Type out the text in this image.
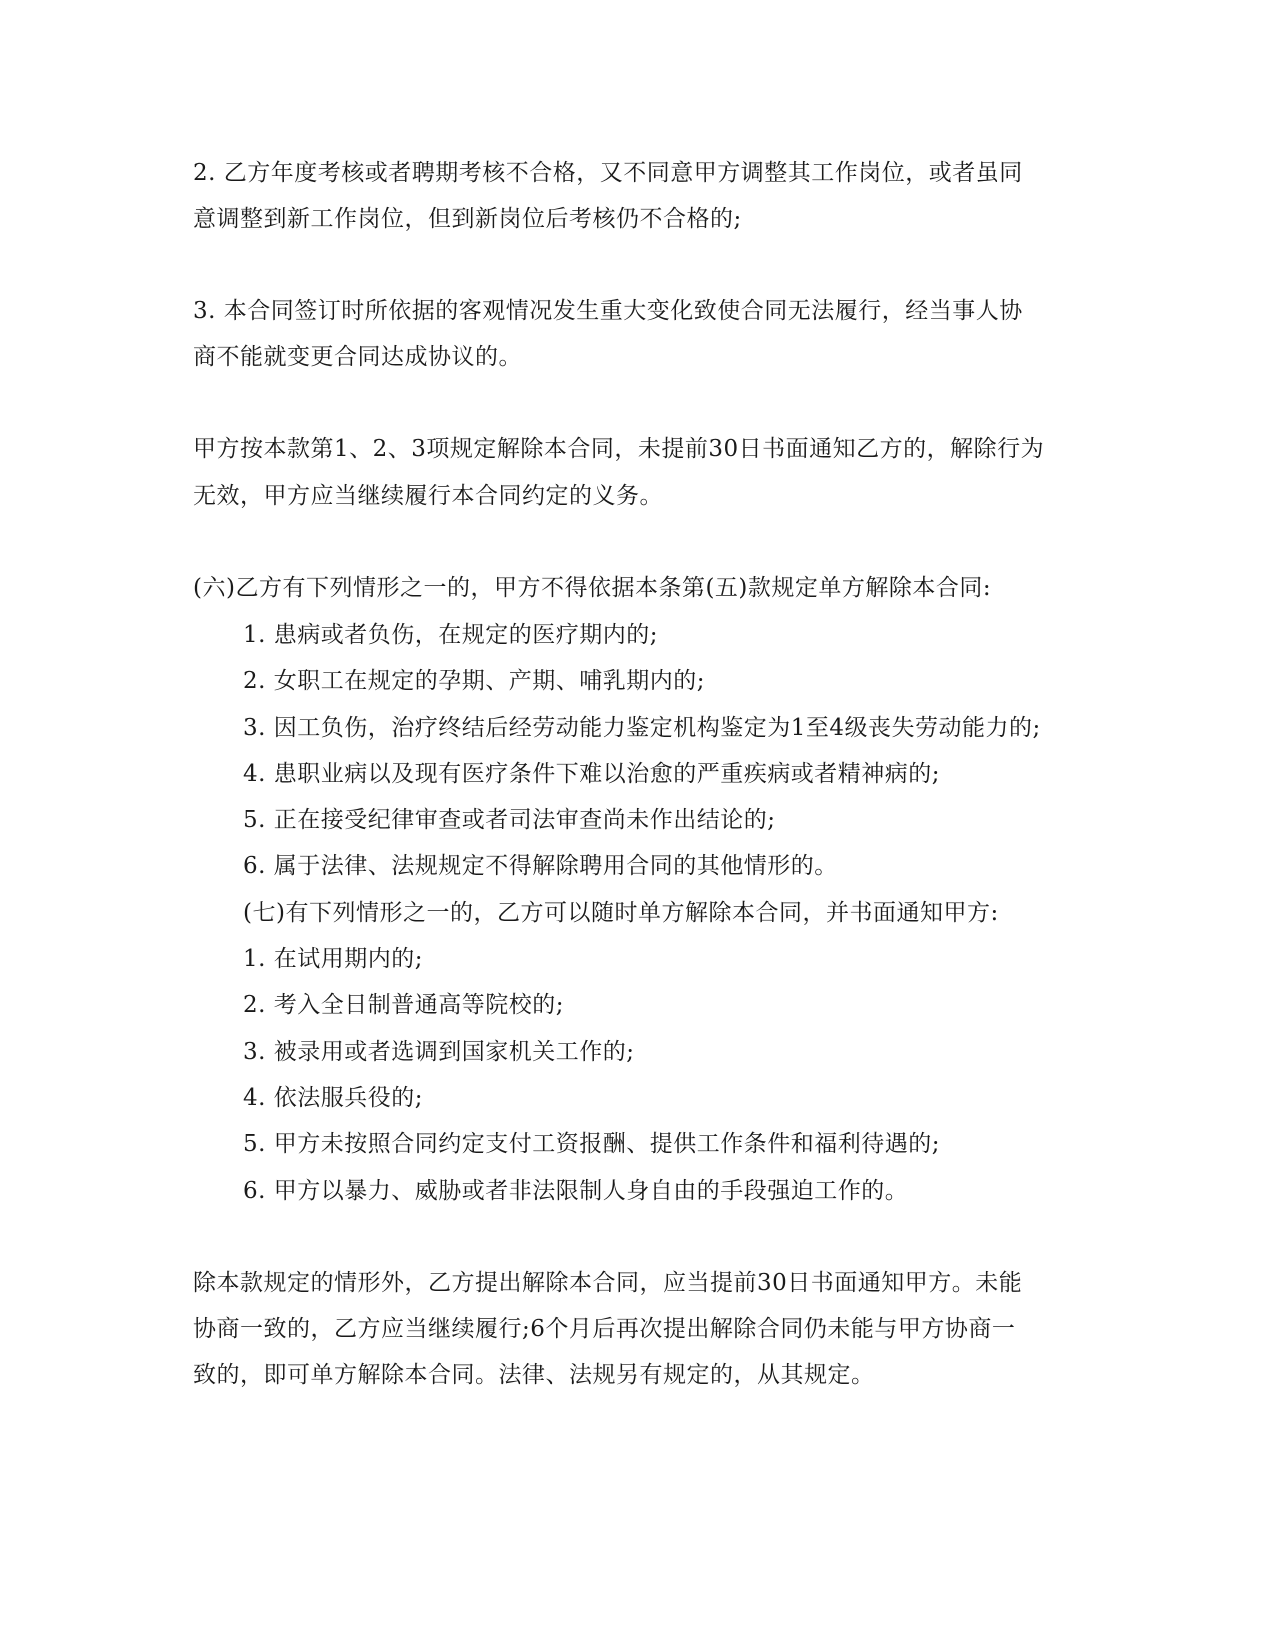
2. 乙方年度考核或者聘期考核不合格，又不同意甲方调整其工作岗位，或者虽同
意调整到新工作岗位，但到新岗位后考核仍不合格的;
3. 本合同签订时所依据的客观情况发生重大变化致使合同无法履行，经当事人协
商不能就变更合同达成协议的。
甲方按本款第1、2、3项规定解除本合同，未提前30日书面通知乙方的，解除行为
无效，甲方应当继续履行本合同约定的义务。
(六)乙方有下列情形之一的，甲方不得依据本条第(五)款规定单方解除本合同:
1. 患病或者负伤，在规定的医疗期内的;
2. 女职工在规定的孕期、产期、哺乳期内的;
3. 因工负伤，治疗终结后经劳动能力鉴定机构鉴定为1至4级丧失劳动能力的;
4. 患职业病以及现有医疗条件下难以治愈的严重疾病或者精神病的;
5. 正在接受纪律审查或者司法审查尚未作出结论的;
6. 属于法律、法规规定不得解除聘用合同的其他情形的。
(七)有下列情形之一的，乙方可以随时单方解除本合同，并书面通知甲方:
1. 在试用期内的;
2. 考入全日制普通高等院校的;
3. 被录用或者选调到国家机关工作的;
4. 依法服兵役的;
5. 甲方未按照合同约定支付工资报酬、提供工作条件和福利待遇的;
6. 甲方以暴力、威胁或者非法限制人身自由的手段强迫工作的。
除本款规定的情形外，乙方提出解除本合同，应当提前30日书面通知甲方。未能
协商一致的，乙方应当继续履行;6个月后再次提出解除合同仍未能与甲方协商一
致的，即可单方解除本合同。法律、法规另有规定的，从其规定。
